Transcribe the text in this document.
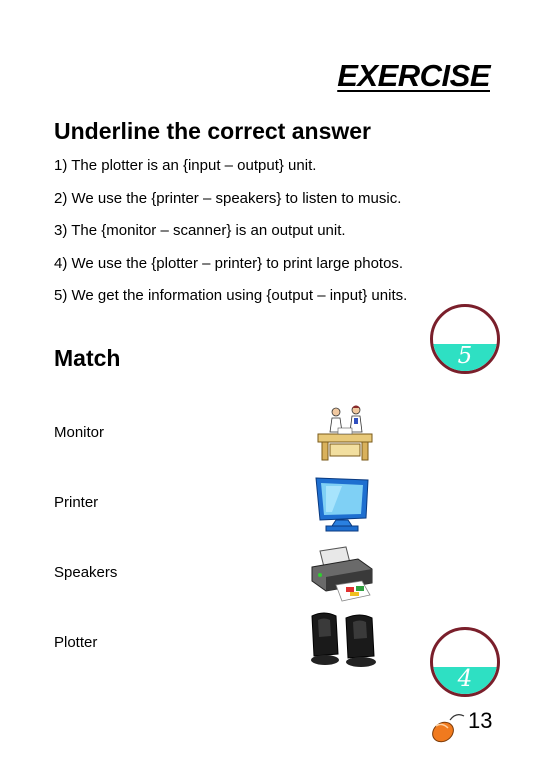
EXERCISE
Underline the correct answer
1) The plotter is an {input – output} unit.
2) We use the {printer – speakers} to listen to music.
3) The {monitor – scanner} is an output unit.
4) We use the {plotter – printer} to print large photos.
5) We get the information using {output – input} units.
5
Match
Monitor
Printer
Speakers
Plotter
4
13
